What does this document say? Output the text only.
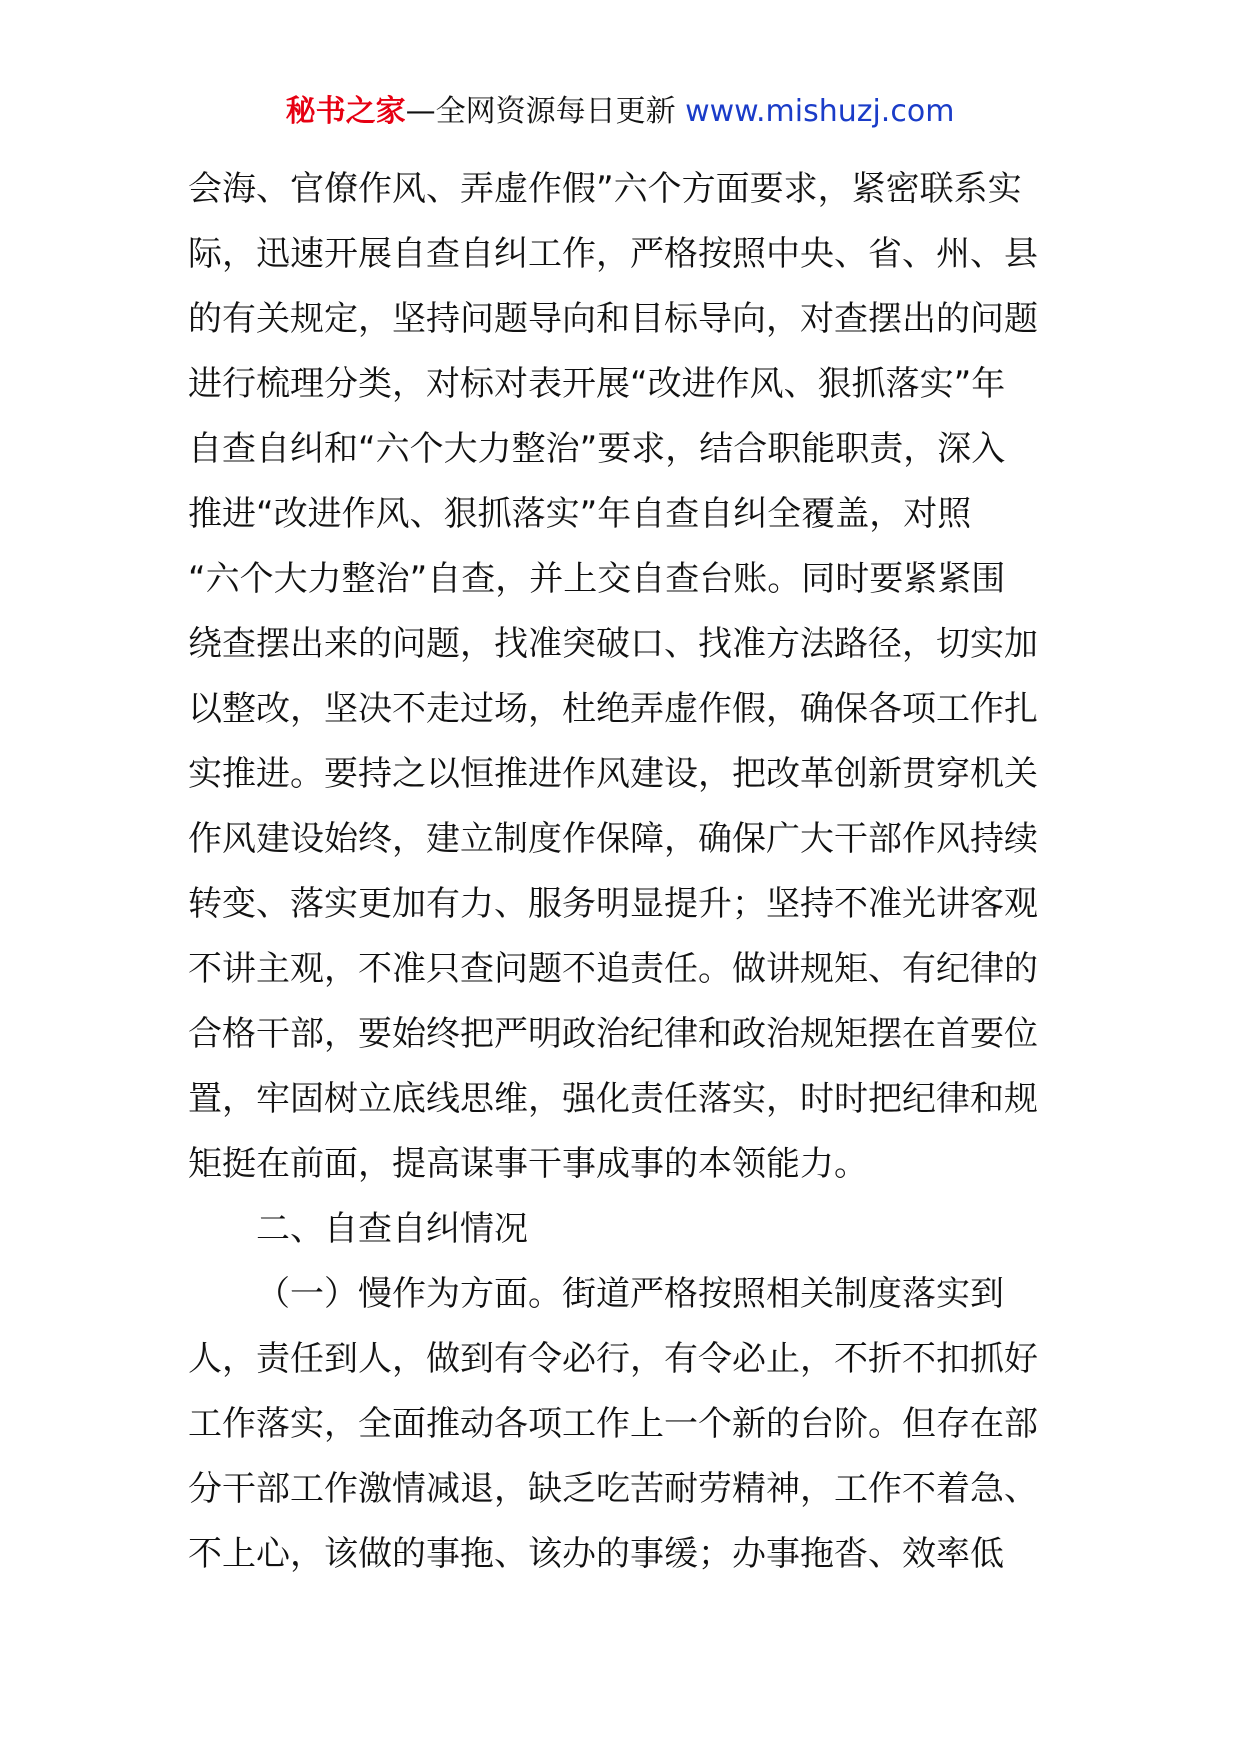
秘书之家—全网资源每日更新 www.mishuzj.com
会海、官僚作风、弄虚作假”六个方面要求，紧密联系实
际，迅速开展自查自纠工作，严格按照中央、省、州、县
的有关规定，坚持问题导向和目标导向，对查摆出的问题
进行梳理分类，对标对表开展“改进作风、狠抓落实”年
自查自纠和“六个大力整治”要求，结合职能职责，深入
推进“改进作风、狠抓落实”年自查自纠全覆盖，对照
“六个大力整治”自查，并上交自查台账。同时要紧紧围
绕查摆出来的问题，找准突破口、找准方法路径，切实加
以整改，坚决不走过场，杜绝弄虚作假，确保各项工作扎
实推进。要持之以恒推进作风建设，把改革创新贯穿机关
作风建设始终，建立制度作保障，确保广大干部作风持续
转变、落实更加有力、服务明显提升；坚持不准光讲客观
不讲主观，不准只查问题不追责任。做讲规矩、有纪律的
合格干部，要始终把严明政治纪律和政治规矩摆在首要位
置，牢固树立底线思维，强化责任落实，时时把纪律和规
矩挺在前面，提高谋事干事成事的本领能力。
二、自查自纠情况
（一）慢作为方面。街道严格按照相关制度落实到
人，责任到人，做到有令必行，有令必止，不折不扣抓好
工作落实，全面推动各项工作上一个新的台阶。但存在部
分干部工作激情减退，缺乏吃苦耐劳精神，工作不着急、
不上心，该做的事拖、该办的事缓；办事拖沓、效率低
